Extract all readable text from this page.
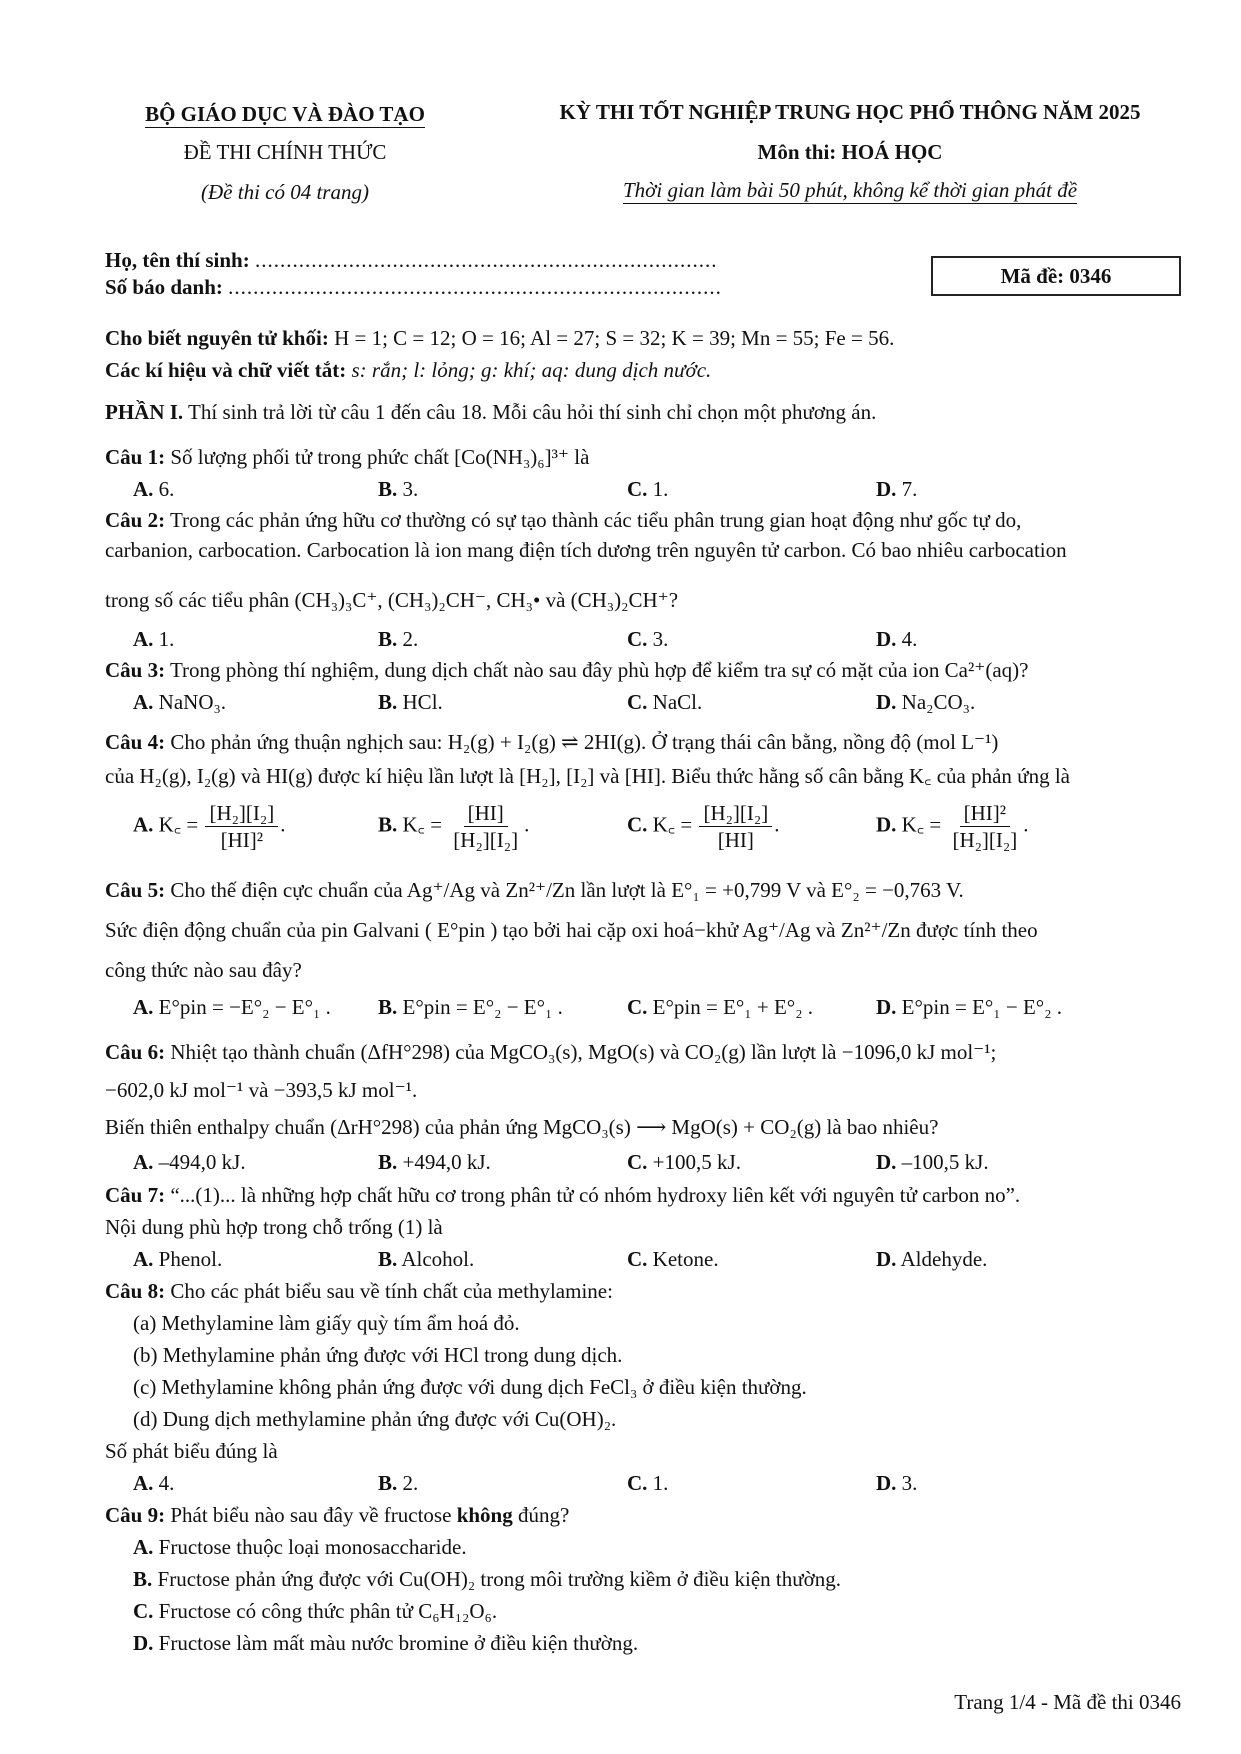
BỘ GIÁO DỤC VÀ ĐÀO TẠO
ĐỀ THI CHÍNH THỨC
(Đề thi có 04 trang)
KỲ THI TỐT NGHIỆP TRUNG HỌC PHỔ THÔNG NĂM 2025
Môn thi: HOÁ HỌC
Thời gian làm bài 50 phút, không kể thời gian phát đề
Họ, tên thí sinh: ..........................................................................
Số báo danh: ...............................................................................	Mã đề: 0346
Cho biết nguyên tử khối: H = 1; C = 12; O = 16; Al = 27; S = 32; K = 39; Mn = 55; Fe = 56.
Các kí hiệu và chữ viết tắt: s: rắn; l: lỏng; g: khí; aq: dung dịch nước.
PHẦN I. Thí sinh trả lời từ câu 1 đến câu 18. Mỗi câu hỏi thí sinh chỉ chọn một phương án.
Câu 1: Số lượng phối tử trong phức chất [Co(NH₃)₆]³⁺ là
A. 6.	B. 3.	C. 1.	D. 7.
Câu 2: Trong các phản ứng hữu cơ thường có sự tạo thành các tiểu phân trung gian hoạt động như gốc tự do,
carbanion, carbocation. Carbocation là ion mang điện tích dương trên nguyên tử carbon. Có bao nhiêu carbocation
trong số các tiểu phân (CH₃)₃C⁺, (CH₃)₂CH⁻, CH₃• và (CH₃)₂CH⁺?
A. 1.	B. 2.	C. 3.	D. 4.
Câu 3: Trong phòng thí nghiệm, dung dịch chất nào sau đây phù hợp để kiểm tra sự có mặt của ion Ca²⁺(aq)?
A. NaNO₃.	B. HCl.	C. NaCl.	D. Na₂CO₃.
Câu 4: Cho phản ứng thuận nghịch sau: H₂(g) + I₂(g) ⇌ 2HI(g). Ở trạng thái cân bằng, nồng độ (mol L⁻¹)
của H₂(g), I₂(g) và HI(g) được kí hiệu lần lượt là [H₂], [I₂] và [HI]. Biểu thức hằng số cân bằng K꜀ của phản ứng là
A. K꜀ = $\frac{\text{[H₂][I₂]}}{\text{[HI]²}}$ .	B. K꜀ = $\frac{[HI]}{\text{[H₂][I₂]}}$ .	C. K꜀ = $\frac{\text{[H₂][I₂]}}{[HI]}$ .	D. K꜀ = $\frac{\text{[HI]²}}{\text{[H₂][I₂]}}$ .
Câu 5: Cho thế điện cực chuẩn của Ag⁺/Ag và Zn²⁺/Zn lần lượt là E°₁ = +0,799 V và E°₂ = −0,763 V.
Sức điện động chuẩn của pin Galvani ( E°pin ) tạo bởi hai cặp oxi hoá−khử Ag⁺/Ag và Zn²⁺/Zn được tính theo
công thức nào sau đây?
A. E°pin = −E°₂ − E°₁ . B. E°pin = E°₂ − E°₁ .	C. E°pin = E°₁ + E°₂ .	D. E°pin = E°₁ − E°₂ .
Câu 6: Nhiệt tạo thành chuẩn (ΔfH°298) của MgCO₃(s), MgO(s) và CO₂(g) lần lượt là −1096,0 kJ mol⁻¹;
−602,0 kJ mol⁻¹ và −393,5 kJ mol⁻¹.
Biến thiên enthalpy chuẩn (ΔrH°298) của phản ứng MgCO₃(s) ⟶ MgO(s) + CO₂(g) là bao nhiêu?
A. –494,0 kJ.	B. +494,0 kJ.	C. +100,5 kJ.	D. –100,5 kJ.
Câu 7: “...(1)... là những hợp chất hữu cơ trong phân tử có nhóm hydroxy liên kết với nguyên tử carbon no”.
Nội dung phù hợp trong chỗ trống (1) là
A. Phenol.	B. Alcohol.	C. Ketone.	D. Aldehyde.
Câu 8: Cho các phát biểu sau về tính chất của methylamine:
(a) Methylamine làm giấy quỳ tím ẩm hoá đỏ.
(b) Methylamine phản ứng được với HCl trong dung dịch.
(c) Methylamine không phản ứng được với dung dịch FeCl₃ ở điều kiện thường.
(d) Dung dịch methylamine phản ứng được với Cu(OH)₂.
Số phát biểu đúng là
A. 4.	B. 2.	C. 1.	D. 3.
Câu 9: Phát biểu nào sau đây về fructose không đúng?
A. Fructose thuộc loại monosaccharide.
B. Fructose phản ứng được với Cu(OH)₂ trong môi trường kiềm ở điều kiện thường.
C. Fructose có công thức phân tử C₆H₁₂O₆.
D. Fructose làm mất màu nước bromine ở điều kiện thường.
Trang 1/4 - Mã đề thi 0346
